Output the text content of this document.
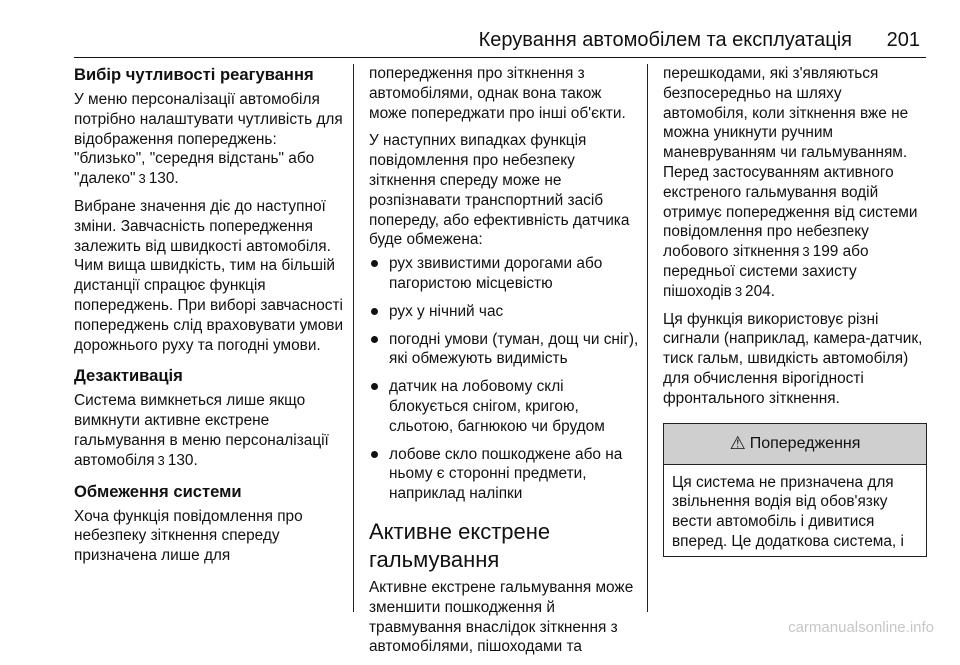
Керування автомобілем та експлуатація 201
Вибір чутливості реагування

У меню персоналізації автомобіля потрібно налаштувати чутливість для відображення попереджень: "близько", "середня відстань" або "далеко" 3 130.

Вибране значення діє до наступної зміни. Завчасність попередження залежить від швидкості автомобіля. Чим вища швидкість, тим на більшій дистанції спрацює функція попереджень. При виборі завчасності попереджень слід враховувати умови дорожнього руху та погодні умови.

Дезактивація

Система вимкнеться лише якщо вимкнути активне екстрене гальмування в меню персоналізації автомобіля 3 130.

Обмеження системи

Хоча функція повідомлення про небезпеку зіткнення спереду призначена лише для

попередження про зіткнення з автомобілями, однак вона також може попереджати про інші об'єкти.

У наступних випадках функція повідомлення про небезпеку зіткнення спереду може не розпізнавати транспортний засіб попереду, або ефективність датчика буде обмежена:

рух звивистими дорогами або пагористою місцевістю
рух у нічний час
погодні умови (туман, дощ чи сніг), які обмежують видимість
датчик на лобовому склі блокується снігом, кригою, сльотою, багнюкою чи брудом
лобове скло пошкоджене або на ньому є сторонні предмети, наприклад наліпки
Активне екстрене гальмування

Активне екстрене гальмування може зменшити пошкодження й травмування внаслідок зіткнення з автомобілями, пішоходами та

перешкодами, які з'являються безпосередньо на шляху автомобіля, коли зіткнення вже не можна уникнути ручним маневруванням чи гальмуванням. Перед застосуванням активного екстреного гальмування водій отримує попередження від системи повідомлення про небезпеку лобового зіткнення 3 199 або передньої системи захисту пішоходів 3 204.

Ця функція використовує різні сигнали (наприклад, камера-датчик, тиск гальм, швидкість автомобіля) для обчислення вірогідності фронтального зіткнення.

⚠ Попередження
Ця система не призначена для звільнення водія від обов'язку вести автомобіль і дивитися вперед. Це додаткова система, і
carmanualsonline.info
